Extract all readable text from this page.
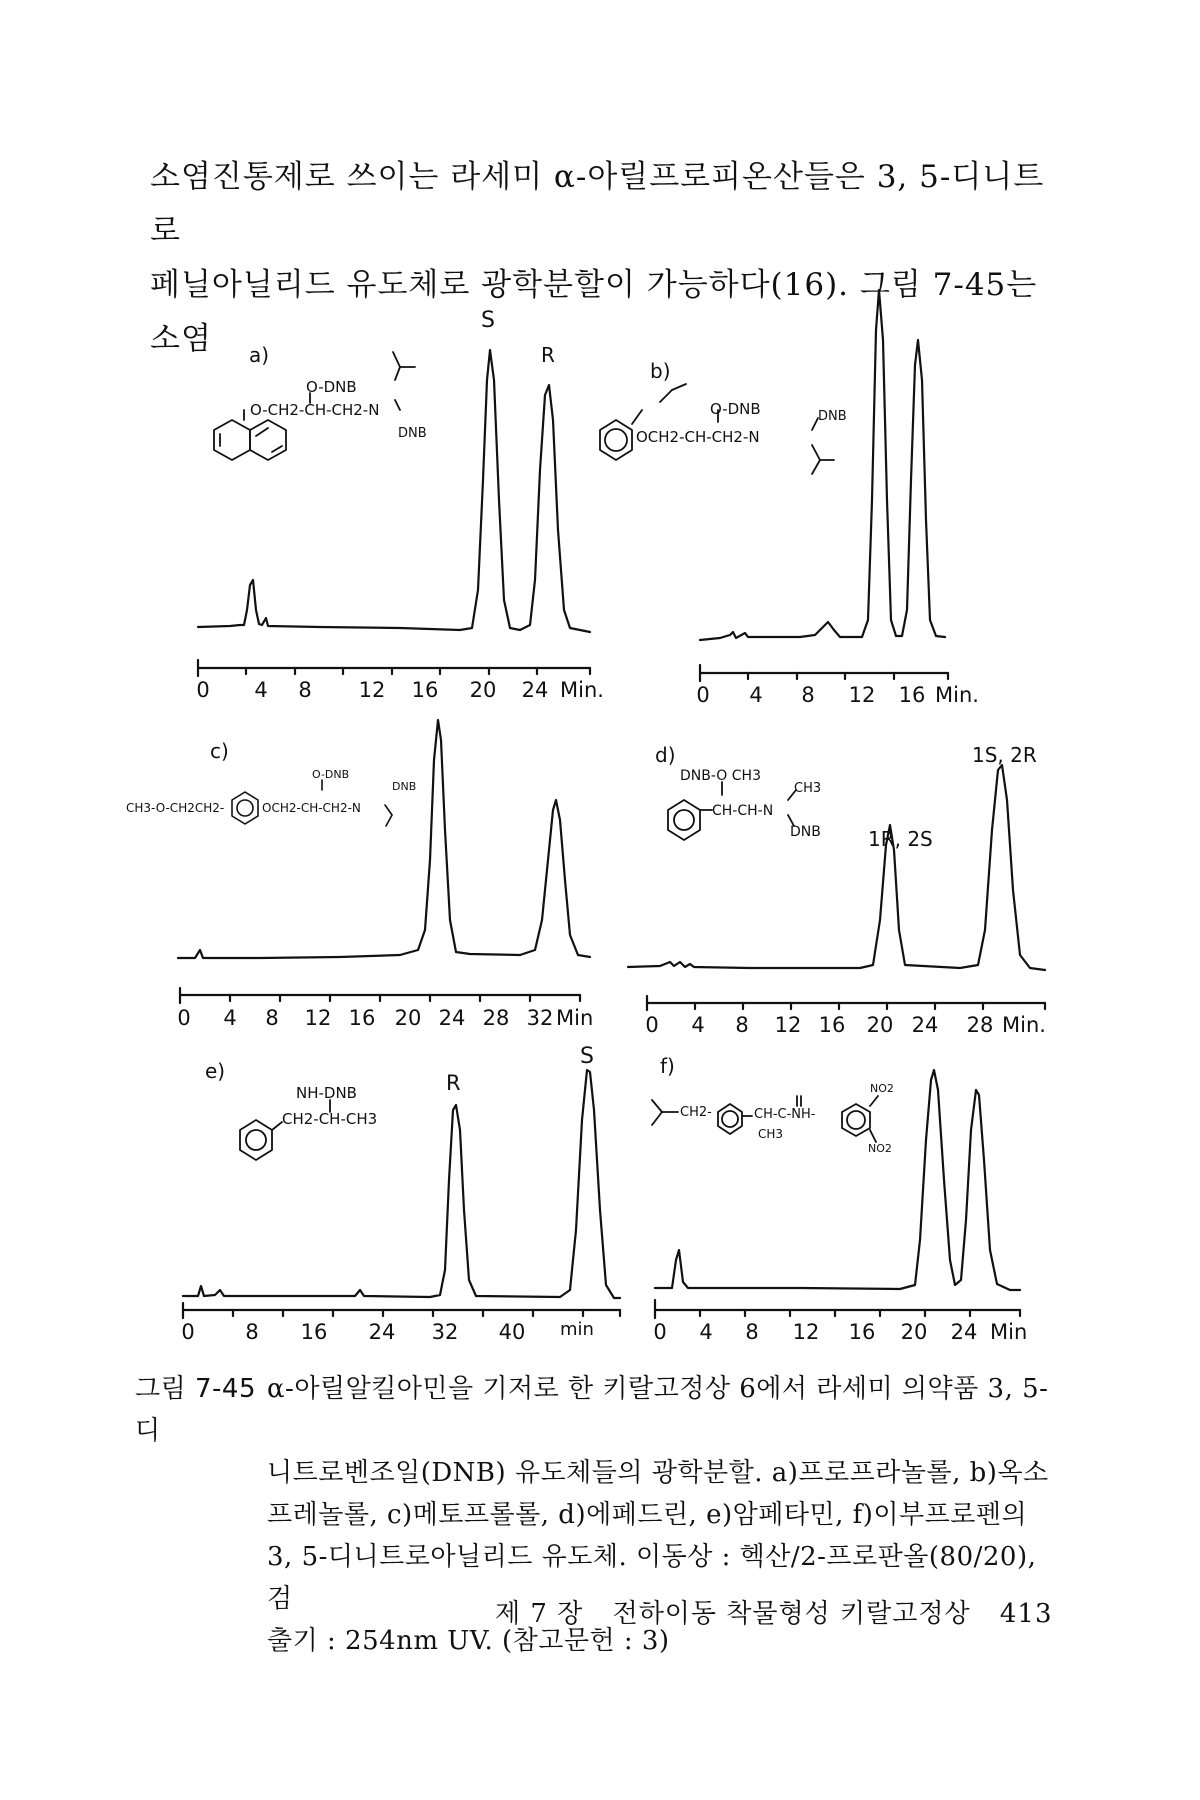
소염진통제로 쓰이는 라세미 α-아릴프로피온산들은 3, 5-디니트로

페닐아닐리드 유도체로 광학분할이 가능하다(16). 그림 7-45는 소염	a)
O-DNB
O-CH2-CH-CH2-N
DNB
S
R
0 4 8 12 16 20 24 Min.
b)
O-DNB
OCH2-CH-CH2-N
DNB
0 4 8 12 16 Min.
c)
O-DNB
CH3-O-CH2CH2-	OCH2-CH-CH2-N
DNB
0 4 8 12 16 20 24 28 32 Min
d)
DNB-O CH3
CH-CH-N
CH3
DNB 1R, 2S
1S, 2R
0 4 8 12 16 20 24 28 Min.
e)
NH-DNB
CH2-CH-CH3
R
S
0 8 16 24 32 40 min
f)
NO2
CH2-	CH-C-NH-
CH3
NO2
0 4 8 12 16 20 24 Min

그림 7-45 α-아릴알킬아민을 기저로 한 키랄고정상 6에서 라세미 의약품 3, 5-디

니트로벤조일(DNB) 유도체들의 광학분할. a)프로프라놀롤, b)옥소

프레놀롤, c)메토프롤롤, d)에페드린, e)암페타민, f)이부프로펜의

3, 5-디니트로아닐리드 유도체. 이동상 : 헥산/2-프로판올(80/20), 검

출기 : 254nm UV. (참고문헌 : 3)

제 7 장 전하이동 착물형성 키랄고정상 413
